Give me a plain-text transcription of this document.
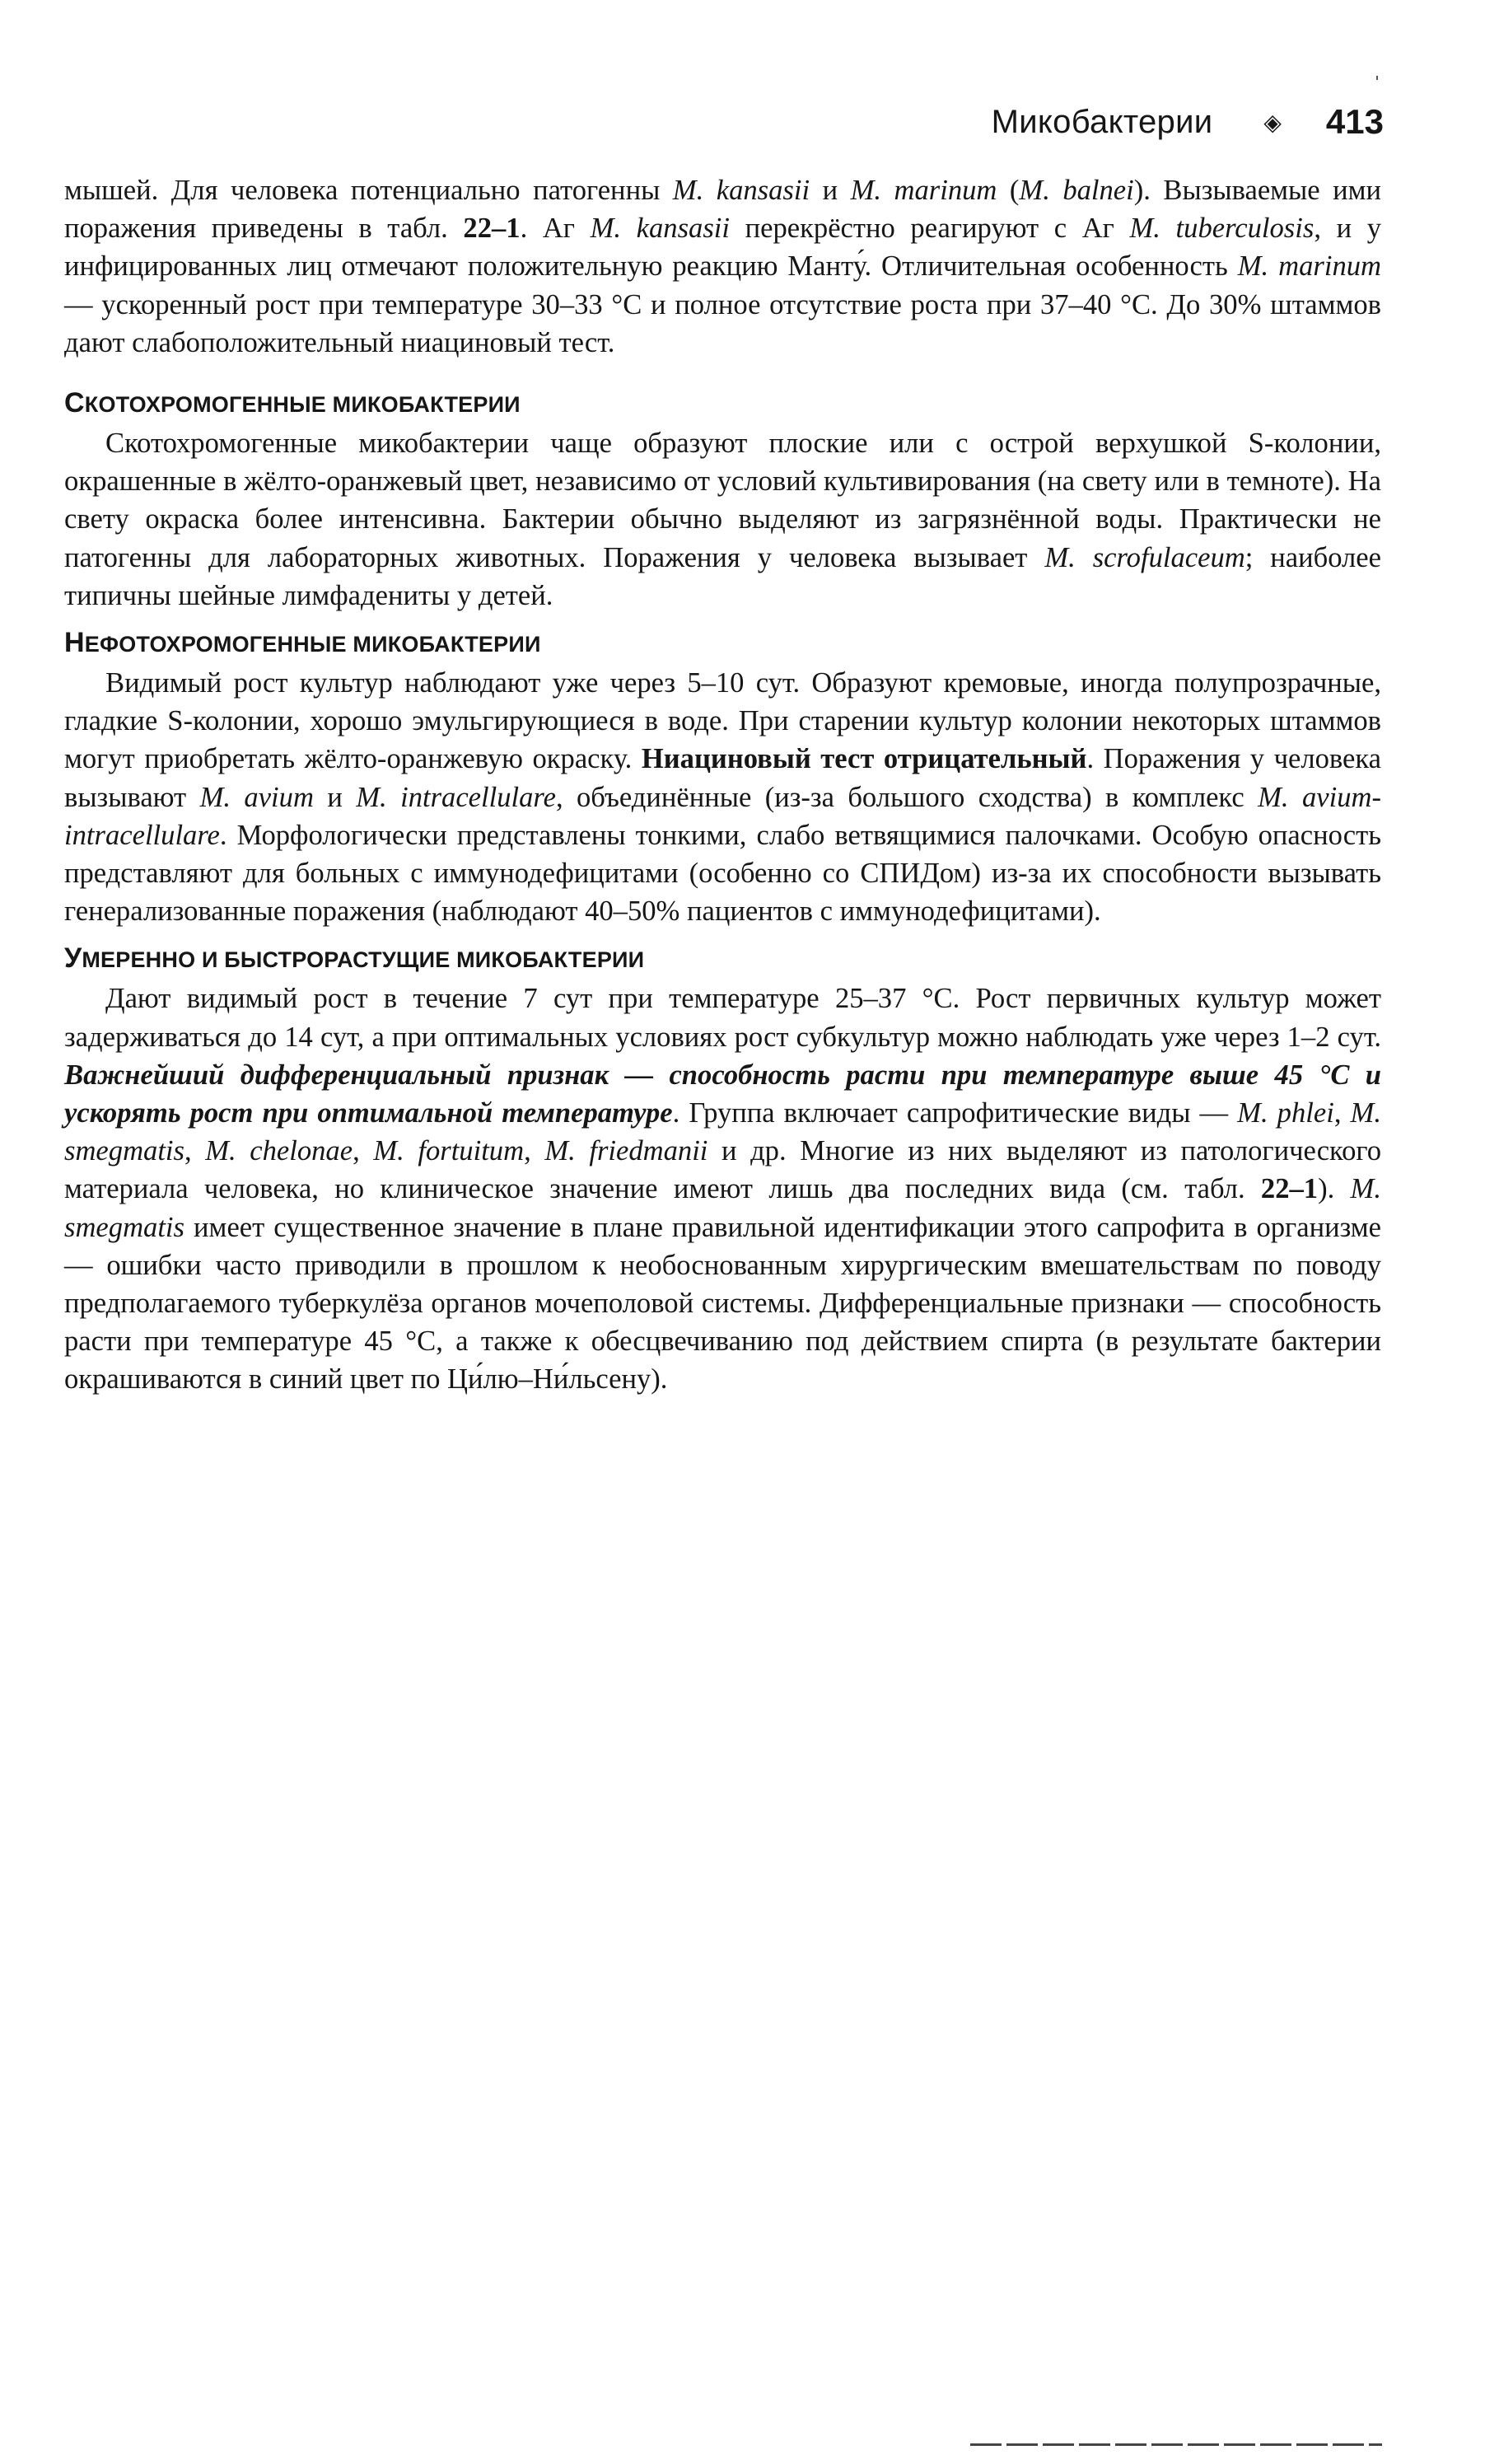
Микобактерии ◈ 413

мышей. Для человека потенциально патогенны M. kansasii и M. marinum (M. balnei). Вызываемые ими поражения приведены в табл. 22–1. Аг M. kansasii перекрёстно реагируют с Аг M. tuberculosis, и у инфицированных лиц отмечают положительную реакцию Манту́. Отличительная особенность M. marinum — ускоренный рост при температуре 30–33 °C и полное отсутствие роста при 37–40 °C. До 30% штаммов дают слабоположительный ниациновый тест.

СКОТОХРОМОГЕННЫЕ МИКОБАКТЕРИИ

Скотохромогенные микобактерии чаще образуют плоские или с острой верхушкой S-колонии, окрашенные в жёлто-оранжевый цвет, независимо от условий культивирования (на свету или в темноте). На свету окраска более интенсивна. Бактерии обычно выделяют из загрязнённой воды. Практически не патогенны для лабораторных животных. Поражения у человека вызывает M. scrofulaceum; наиболее типичны шейные лимфадениты у детей.

НЕФОТОХРОМОГЕННЫЕ МИКОБАКТЕРИИ

Видимый рост культур наблюдают уже через 5–10 сут. Образуют кремовые, иногда полупрозрачные, гладкие S-колонии, хорошо эмульгирующиеся в воде. При старении культур колонии некоторых штаммов могут приобретать жёлто-оранжевую окраску. Ниациновый тест отрицательный. Поражения у человека вызывают M. avium и M. intracellulare, объединённые (из-за большого сходства) в комплекс M. avium-intracellulare. Морфологически представлены тонкими, слабо ветвящимися палочками. Особую опасность представляют для больных с иммунодефицитами (особенно со СПИДом) из-за их способности вызывать генерализованные поражения (наблюдают 40–50% пациентов с иммунодефицитами).

УМЕРЕННО И БЫСТРОРАСТУЩИЕ МИКОБАКТЕРИИ

Дают видимый рост в течение 7 сут при температуре 25–37 °C. Рост первичных культур может задерживаться до 14 сут, а при оптимальных условиях рост субкультур можно наблюдать уже через 1–2 сут. Важнейший дифференциальный признак — способность расти при температуре выше 45 °C и ускорять рост при оптимальной температуре. Группа включает сапрофитические виды — M. phlei, M. smegmatis, M. chelonae, M. fortuitum, M. friedmanii и др. Многие из них выделяют из патологического материала человека, но клиническое значение имеют лишь два последних вида (см. табл. 22–1). M. smegmatis имеет существенное значение в плане правильной идентификации этого сапрофита в организме — ошибки часто приводили в прошлом к необоснованным хирургическим вмешательствам по поводу предполагаемого туберкулёза органов мочеполовой системы. Дифференциальные признаки — способность расти при температуре 45 °C, а также к обесцвечиванию под действием спирта (в результате бактерии окрашиваются в синий цвет по Ци́лю–Ни́льсену).
